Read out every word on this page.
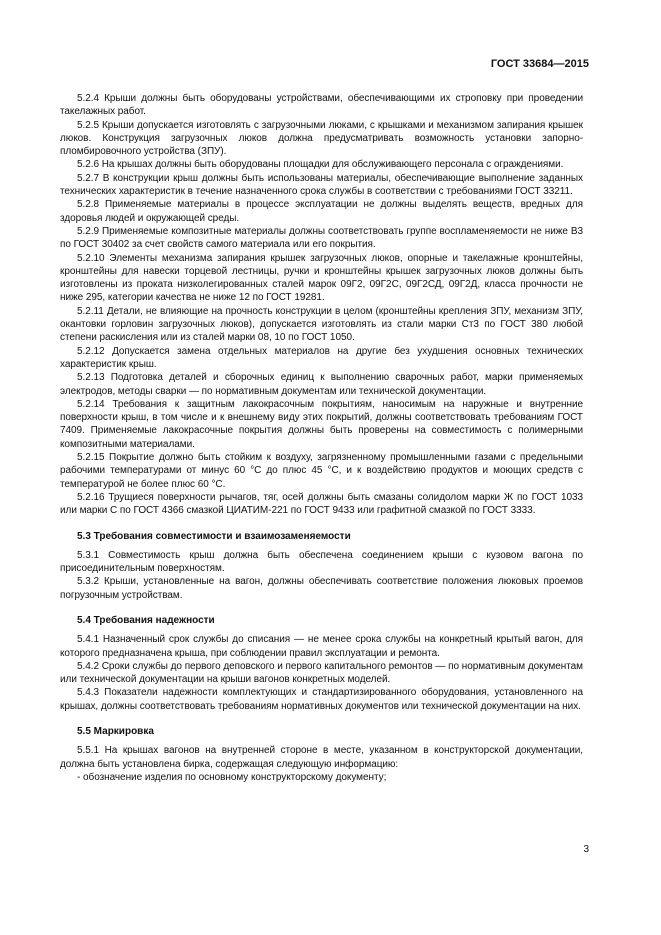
ГОСТ 33684—2015

5.2.4 Крыши должны быть оборудованы устройствами, обеспечивающими их строповку при проведении такелажных работ.

5.2.5 Крыши допускается изготовлять с загрузочными люками, с крышками и механизмом запирания крышек люков. Конструкция загрузочных люков должна предусматривать возможность установки запорно-пломбировочного устройства (ЗПУ).

5.2.6 На крышах должны быть оборудованы площадки для обслуживающего персонала с ограждениями.

5.2.7 В конструкции крыш должны быть использованы материалы, обеспечивающие выполнение заданных технических характеристик в течение назначенного срока службы в соответствии с требованиями ГОСТ 33211.

5.2.8 Применяемые материалы в процессе эксплуатации не должны выделять веществ, вредных для здоровья людей и окружающей среды.

5.2.9 Применяемые композитные материалы должны соответствовать группе воспламеняемости не ниже В3 по ГОСТ 30402 за счет свойств самого материала или его покрытия.

5.2.10 Элементы механизма запирания крышек загрузочных люков, опорные и такелажные кронштейны, кронштейны для навески торцевой лестницы, ручки и кронштейны крышек загрузочных люков должны быть изготовлены из проката низколегированных сталей марок 09Г2, 09Г2С, 09Г2СД, 09Г2Д, класса прочности не ниже 295, категории качества не ниже 12 по ГОСТ 19281.

5.2.11 Детали, не влияющие на прочность конструкции в целом (кронштейны крепления ЗПУ, механизм ЗПУ, окантовки горловин загрузочных люков), допускается изготовлять из стали марки Ст3 по ГОСТ 380 любой степени раскисления или из сталей марки 08, 10 по ГОСТ 1050.

5.2.12 Допускается замена отдельных материалов на другие без ухудшения основных технических характеристик крыш.

5.2.13 Подготовка деталей и сборочных единиц к выполнению сварочных работ, марки применяемых электродов, методы сварки — по нормативным документам или технической документации.

5.2.14 Требования к защитным лакокрасочным покрытиям, наносимым на наружные и внутренние поверхности крыш, в том числе и к внешнему виду этих покрытий, должны соответствовать требованиям ГОСТ 7409. Применяемые лакокрасочные покрытия должны быть проверены на совместимость с полимерными композитными материалами.

5.2.15 Покрытие должно быть стойким к воздуху, загрязненному промышленными газами с предельными рабочими температурами от минус 60 °С до плюс 45 °С, и к воздействию продуктов и моющих средств с температурой не более плюс 60 °С.

5.2.16 Трущиеся поверхности рычагов, тяг, осей должны быть смазаны солидолом марки Ж по ГОСТ 1033 или марки С по ГОСТ 4366 смазкой ЦИАТИМ-221 по ГОСТ 9433 или графитной смазкой по ГОСТ 3333.

5.3 Требования совместимости и взаимозаменяемости

5.3.1 Совместимость крыш должна быть обеспечена соединением крыши с кузовом вагона по присоединительным поверхностям.

5.3.2 Крыши, установленные на вагон, должны обеспечивать соответствие положения люковых проемов погрузочным устройствам.

5.4 Требования надежности

5.4.1 Назначенный срок службы до списания — не менее срока службы на конкретный крытый вагон, для которого предназначена крыша, при соблюдении правил эксплуатации и ремонта.

5.4.2 Сроки службы до первого деповского и первого капитального ремонтов — по нормативным документам или технической документации на крыши вагонов конкретных моделей.

5.4.3 Показатели надежности комплектующих и стандартизированного оборудования, установленного на крышах, должны соответствовать требованиям нормативных документов или технической документации на них.

5.5 Маркировка

5.5.1 На крышах вагонов на внутренней стороне в месте, указанном в конструкторской документации, должна быть установлена бирка, содержащая следующую информацию:

- обозначение изделия по основному конструкторскому документу;

3
